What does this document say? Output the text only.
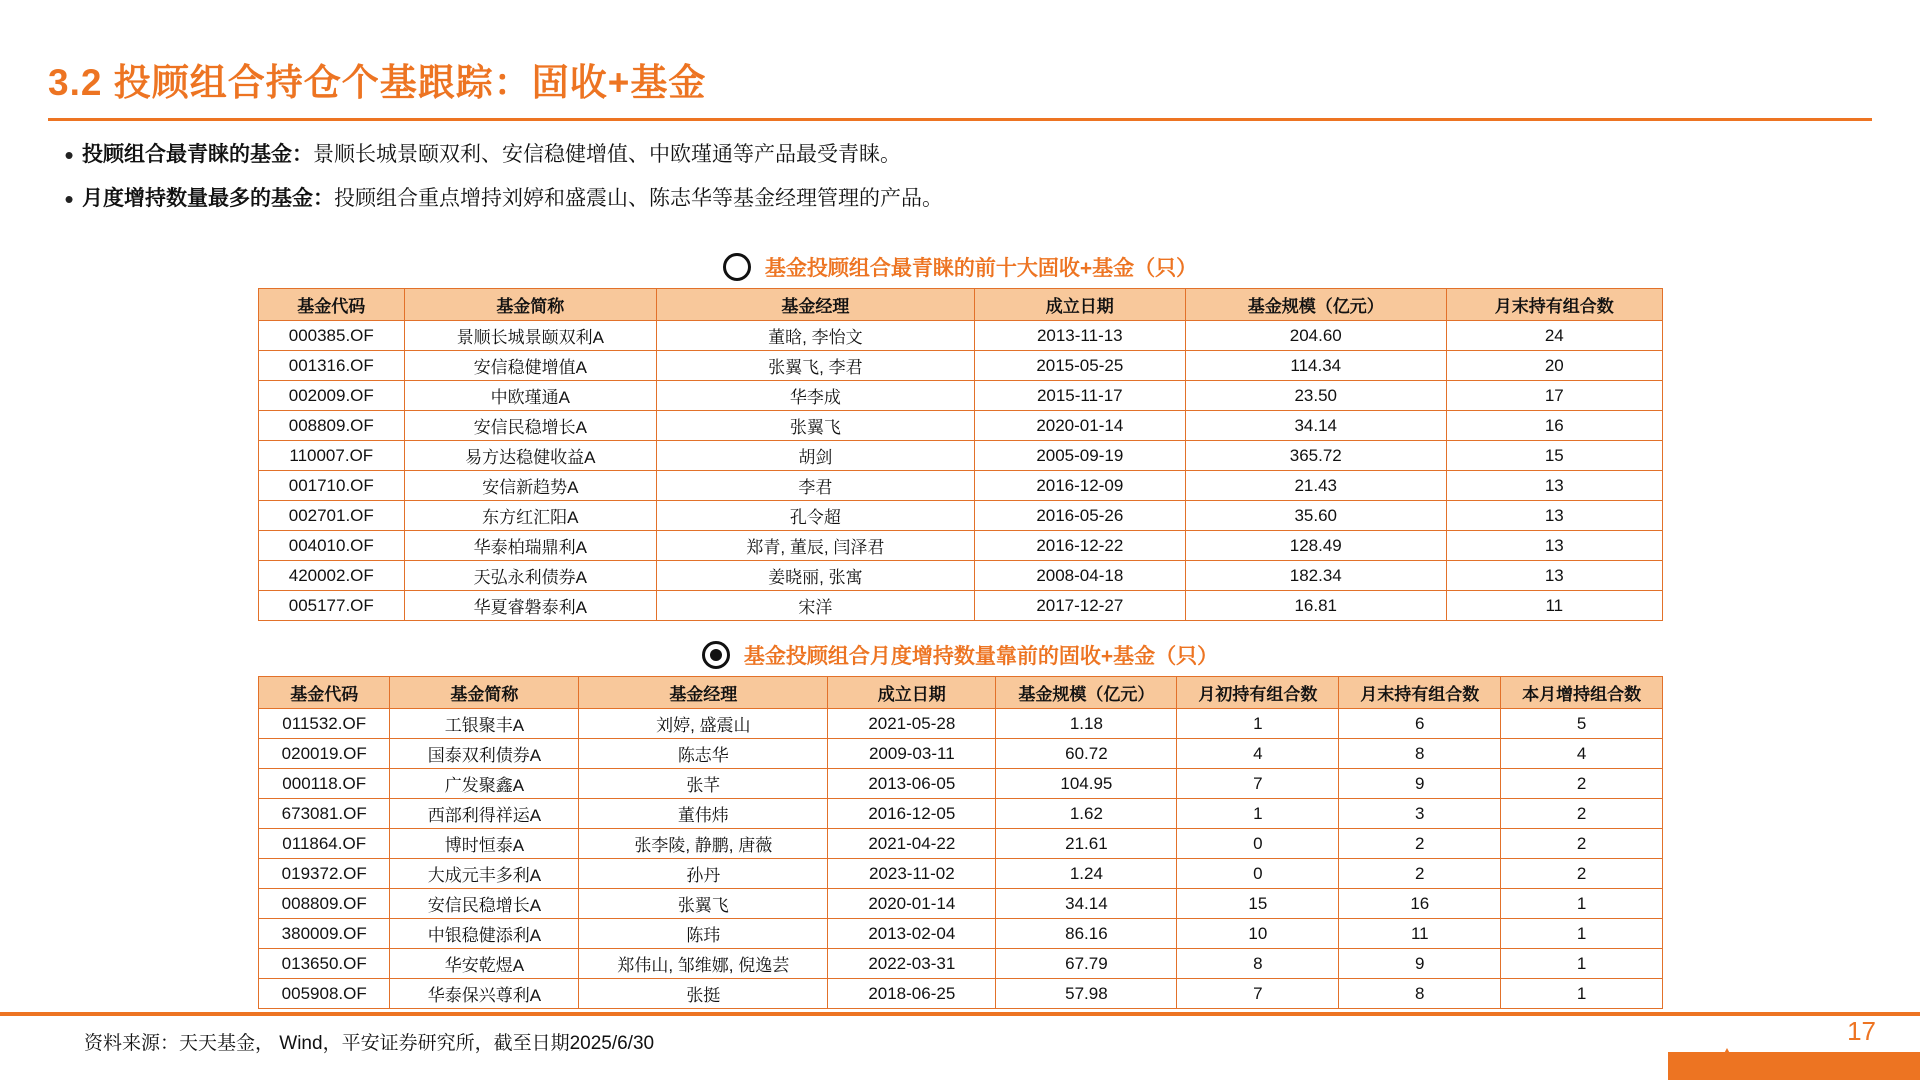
3.2 投顾组合持仓个基跟踪：固收+基金
• 投顾组合最青睐的基金：景顺长城景颐双利、安信稳健增值、中欧瑾通等产品最受青睐。
• 月度增持数量最多的基金：投顾组合重点增持刘婷和盛震山、陈志华等基金经理管理的产品。
基金投顾组合最青睐的前十大固收+基金（只）
基金代码	基金简称	基金经理	成立日期	基金规模（亿元）	月末持有组合数
000385.OF	景顺长城景颐双利A	董晗, 李怡文	2013-11-13	204.60	24
001316.OF	安信稳健增值A	张翼飞, 李君	2015-05-25	114.34	20
002009.OF	中欧瑾通A	华李成	2015-11-17	23.50	17
008809.OF	安信民稳增长A	张翼飞	2020-01-14	34.14	16
110007.OF	易方达稳健收益A	胡剑	2005-09-19	365.72	15
001710.OF	安信新趋势A	李君	2016-12-09	21.43	13
002701.OF	东方红汇阳A	孔令超	2016-05-26	35.60	13
004010.OF	华泰柏瑞鼎利A	郑青, 董辰, 闫泽君	2016-12-22	128.49	13
420002.OF	天弘永利债券A	姜晓丽, 张寓	2008-04-18	182.34	13
005177.OF	华夏睿磐泰利A	宋洋	2017-12-27	16.81	11
基金投顾组合月度增持数量靠前的固收+基金（只）
基金代码	基金简称	基金经理	成立日期	基金规模（亿元）	月初持有组合数	月末持有组合数	本月增持组合数
011532.OF	工银聚丰A	刘婷, 盛震山	2021-05-28	1.18	1	6	5
020019.OF	国泰双利债券A	陈志华	2009-03-11	60.72	4	8	4
000118.OF	广发聚鑫A	张芊	2013-06-05	104.95	7	9	2
673081.OF	西部利得祥运A	董伟炜	2016-12-05	1.62	1	3	2
011864.OF	博时恒泰A	张李陵, 静鹏, 唐薇	2021-04-22	21.61	0	2	2
019372.OF	大成元丰多利A	孙丹	2023-11-02	1.24	0	2	2
008809.OF	安信民稳增长A	张翼飞	2020-01-14	34.14	15	16	1
380009.OF	中银稳健添利A	陈玮	2013-02-04	86.16	10	11	1
013650.OF	华安乾煜A	郑伟山, 邹维娜, 倪逸芸	2022-03-31	67.79	8	9	1
005908.OF	华泰保兴尊利A	张挺	2018-06-25	57.98	7	8	1
资料来源：天天基金， Wind，平安证券研究所，截至日期2025/6/30	17
